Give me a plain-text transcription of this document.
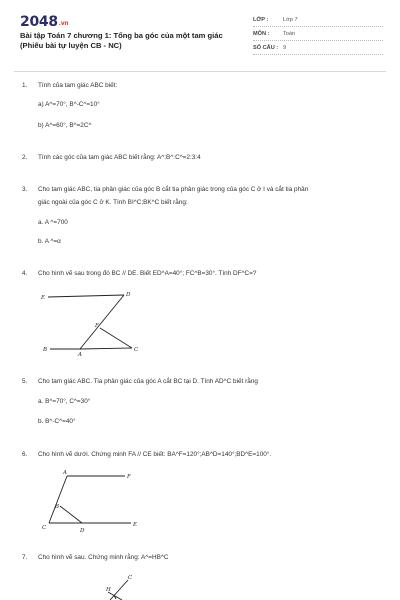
2048.vn
Bài tập Toán 7 chương 1: Tổng ba góc của một tam giác
(Phiếu bài tự luyện CB - NC)
LỚP :	Lớp 7
MÔN : Toán
SỐ CÂU : 9
1. Tính của tam giác ABC biết:
a) A^=70°, B^-C^=10°
b) A^=60°, B^=2C^
2. Tính các góc của tam giác ABC biết rằng: A^:B^:C^=2:3:4
3. Cho tam giác ABC, tia phân giác của góc B cắt tia phân giác trong của góc C ở I và cắt tia phân
giác ngoài của góc C ở K. Tính BI^C;BK^C biết rằng:
a. A ^=700
b. A ^=α
4. Cho hình vẽ sau trong đó BC // DE. Biết ED^A=40°; FC^B=30°. Tính DF^C=?
E	D
F
B
A
C
5. Cho tam giác ABC. Tia phân giác của góc A cắt BC tại D. Tính AD^C biết rằng
a. B^=70°, C^=30°
b. B^-C^=40°
6. Cho hình vẽ dưới. Chứng minh FA // CE biết: BA^F=120°;AB^D=140°;BD^E=100°.
A
F
B
C	D
E
7. Cho hình vẽ sau. Chứng minh rằng: A^=HB^C
C
H
